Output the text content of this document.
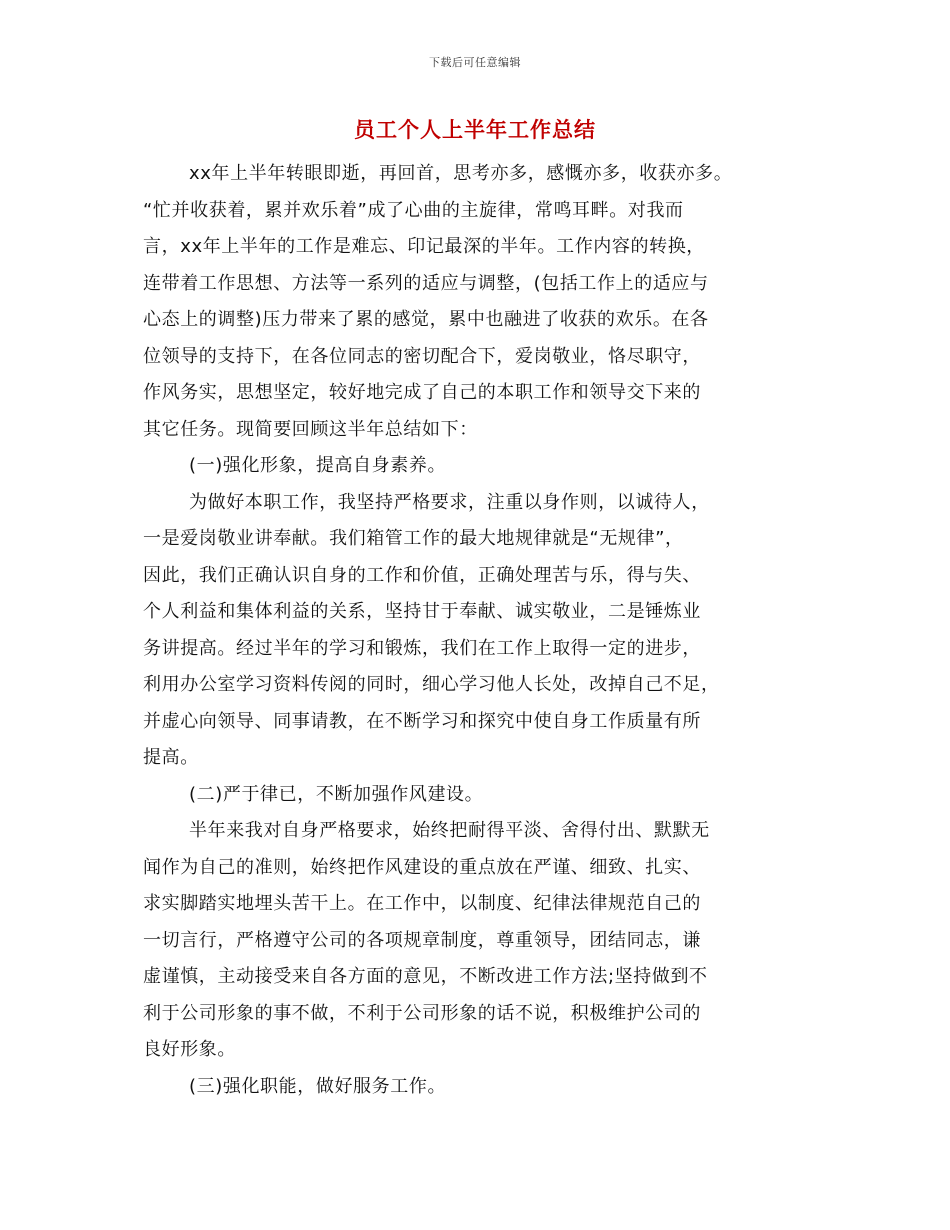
下载后可任意编辑
员工个人上半年工作总结
xx年上半年转眼即逝，再回首，思考亦多，感慨亦多，收获亦多。
“忙并收获着，累并欢乐着”成了心曲的主旋律，常鸣耳畔。对我而
言，xx年上半年的工作是难忘、印记最深的半年。工作内容的转换，
连带着工作思想、方法等一系列的适应与调整，(包括工作上的适应与
心态上的调整)压力带来了累的感觉，累中也融进了收获的欢乐。在各
位领导的支持下，在各位同志的密切配合下，爱岗敬业，恪尽职守，
作风务实，思想坚定，较好地完成了自己的本职工作和领导交下来的
其它任务。现简要回顾这半年总结如下：
(一)强化形象，提高自身素养。
为做好本职工作，我坚持严格要求，注重以身作则，以诚待人，
一是爱岗敬业讲奉献。我们箱管工作的最大地规律就是“无规律”，
因此，我们正确认识自身的工作和价值，正确处理苦与乐，得与失、
个人利益和集体利益的关系，坚持甘于奉献、诚实敬业，二是锤炼业
务讲提高。经过半年的学习和锻炼，我们在工作上取得一定的进步，
利用办公室学习资料传阅的同时，细心学习他人长处，改掉自己不足，
并虚心向领导、同事请教，在不断学习和探究中使自身工作质量有所
提高。
(二)严于律已，不断加强作风建设。
半年来我对自身严格要求，始终把耐得平淡、舍得付出、默默无
闻作为自己的准则，始终把作风建设的重点放在严谨、细致、扎实、
求实脚踏实地埋头苦干上。在工作中，以制度、纪律法律规范自己的
一切言行，严格遵守公司的各项规章制度，尊重领导，团结同志，谦
虚谨慎，主动接受来自各方面的意见，不断改进工作方法;坚持做到不
利于公司形象的事不做，不利于公司形象的话不说，积极维护公司的
良好形象。
(三)强化职能，做好服务工作。
